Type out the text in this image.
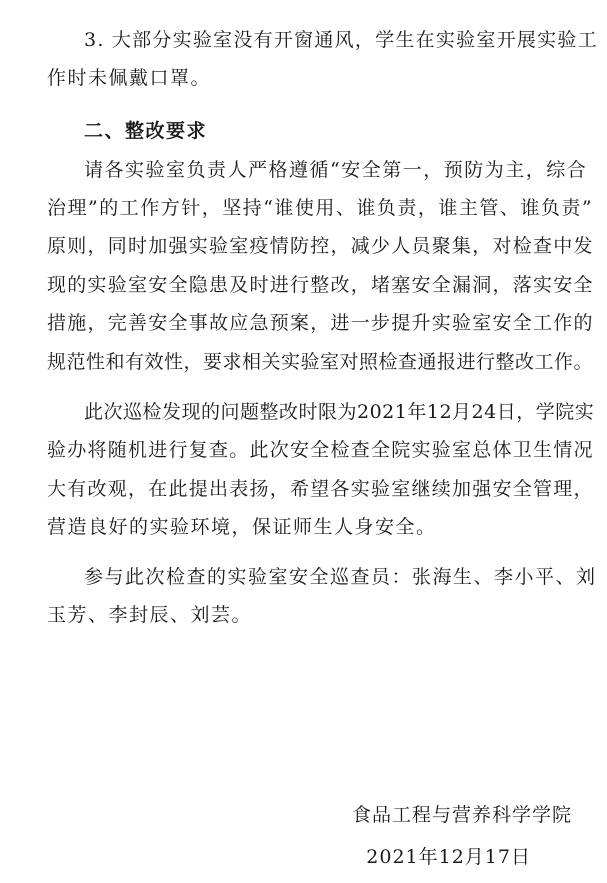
3. 大部分实验室没有开窗通风，学生在实验室开展实验工
作时未佩戴口罩。
二、整改要求
请各实验室负责人严格遵循“安全第一，预防为主，综合
治理”的工作方针，坚持“谁使用、谁负责，谁主管、谁负责”
原则，同时加强实验室疫情防控，减少人员聚集，对检查中发
现的实验室安全隐患及时进行整改，堵塞安全漏洞，落实安全
措施，完善安全事故应急预案，进一步提升实验室安全工作的
规范性和有效性，要求相关实验室对照检查通报进行整改工作。
此次巡检发现的问题整改时限为2021年12月24日，学院实
验办将随机进行复查。此次安全检查全院实验室总体卫生情况
大有改观，在此提出表扬，希望各实验室继续加强安全管理，
营造良好的实验环境，保证师生人身安全。
参与此次检查的实验室安全巡查员：张海生、李小平、刘
玉芳、李封辰、刘芸。
食品工程与营养科学学院
2021年12月17日
